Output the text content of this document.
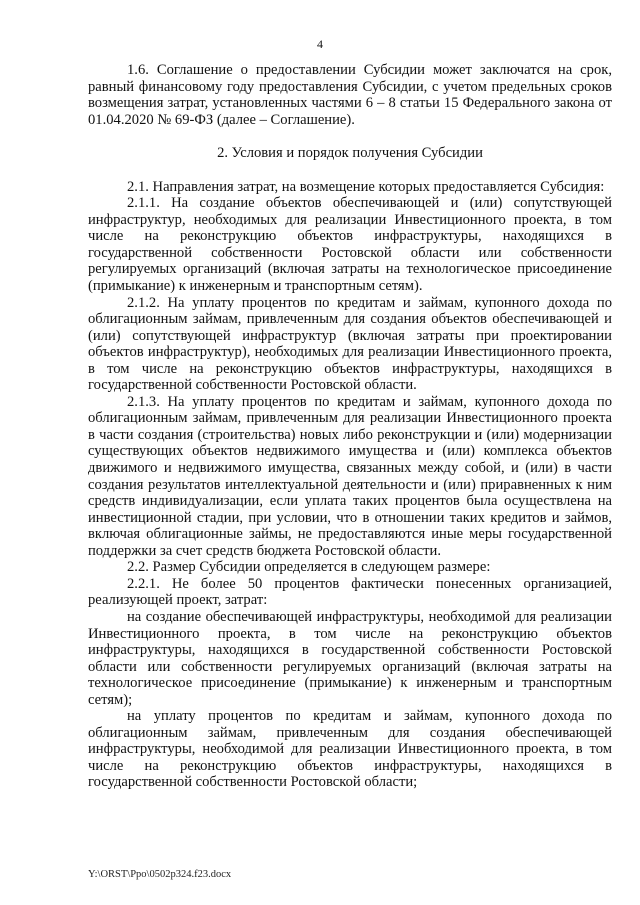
4

1.6. Соглашение о предоставлении Субсидии может заключатся на срок, равный финансовому году предоставления Субсидии, с учетом предельных сроков возмещения затрат, установленных частями 6 – 8 статьи 15 Федерального закона от 01.04.2020 № 69-ФЗ (далее – Соглашение).

2. Условия и порядок получения Субсидии

2.1. Направления затрат, на возмещение которых предоставляется Субсидия:

2.1.1. На создание объектов обеспечивающей и (или) сопутствующей инфраструктур, необходимых для реализации Инвестиционного проекта, в том числе на реконструкцию объектов инфраструктуры, находящихся в государственной собственности Ростовской области или собственности регулируемых организаций (включая затраты на технологическое присоединение (примыкание) к инженерным и транспортным сетям).

2.1.2. На уплату процентов по кредитам и займам, купонного дохода по облигационным займам, привлеченным для создания объектов обеспечивающей и (или) сопутствующей инфраструктур (включая затраты при проектировании объектов инфраструктур), необходимых для реализации Инвестиционного проекта, в том числе на реконструкцию объектов инфраструктуры, находящихся в государственной собственности Ростовской области.

2.1.3. На уплату процентов по кредитам и займам, купонного дохода по облигационным займам, привлеченным для реализации Инвестиционного проекта в части создания (строительства) новых либо реконструкции и (или) модернизации существующих объектов недвижимого имущества и (или) комплекса объектов движимого и недвижимого имущества, связанных между собой, и (или) в части создания результатов интеллектуальной деятельности и (или) приравненных к ним средств индивидуализации, если уплата таких процентов была осуществлена на инвестиционной стадии, при условии, что в отношении таких кредитов и займов, включая облигационные займы, не предоставляются иные меры государственной поддержки за счет средств бюджета Ростовской области.

2.2. Размер Субсидии определяется в следующем размере:

2.2.1. Не более 50 процентов фактически понесенных организацией, реализующей проект, затрат:

на создание обеспечивающей инфраструктуры, необходимой для реализации Инвестиционного проекта, в том числе на реконструкцию объектов инфраструктуры, находящихся в государственной собственности Ростовской области или собственности регулируемых организаций (включая затраты на технологическое присоединение (примыкание) к инженерным и транспортным сетям);

на уплату процентов по кредитам и займам, купонного дохода по облигационным займам, привлеченным для создания обеспечивающей инфраструктуры, необходимой для реализации Инвестиционного проекта, в том числе на реконструкцию объектов инфраструктуры, находящихся в государственной собственности Ростовской области;

Y:\ORST\Ppo\0502p324.f23.docx
